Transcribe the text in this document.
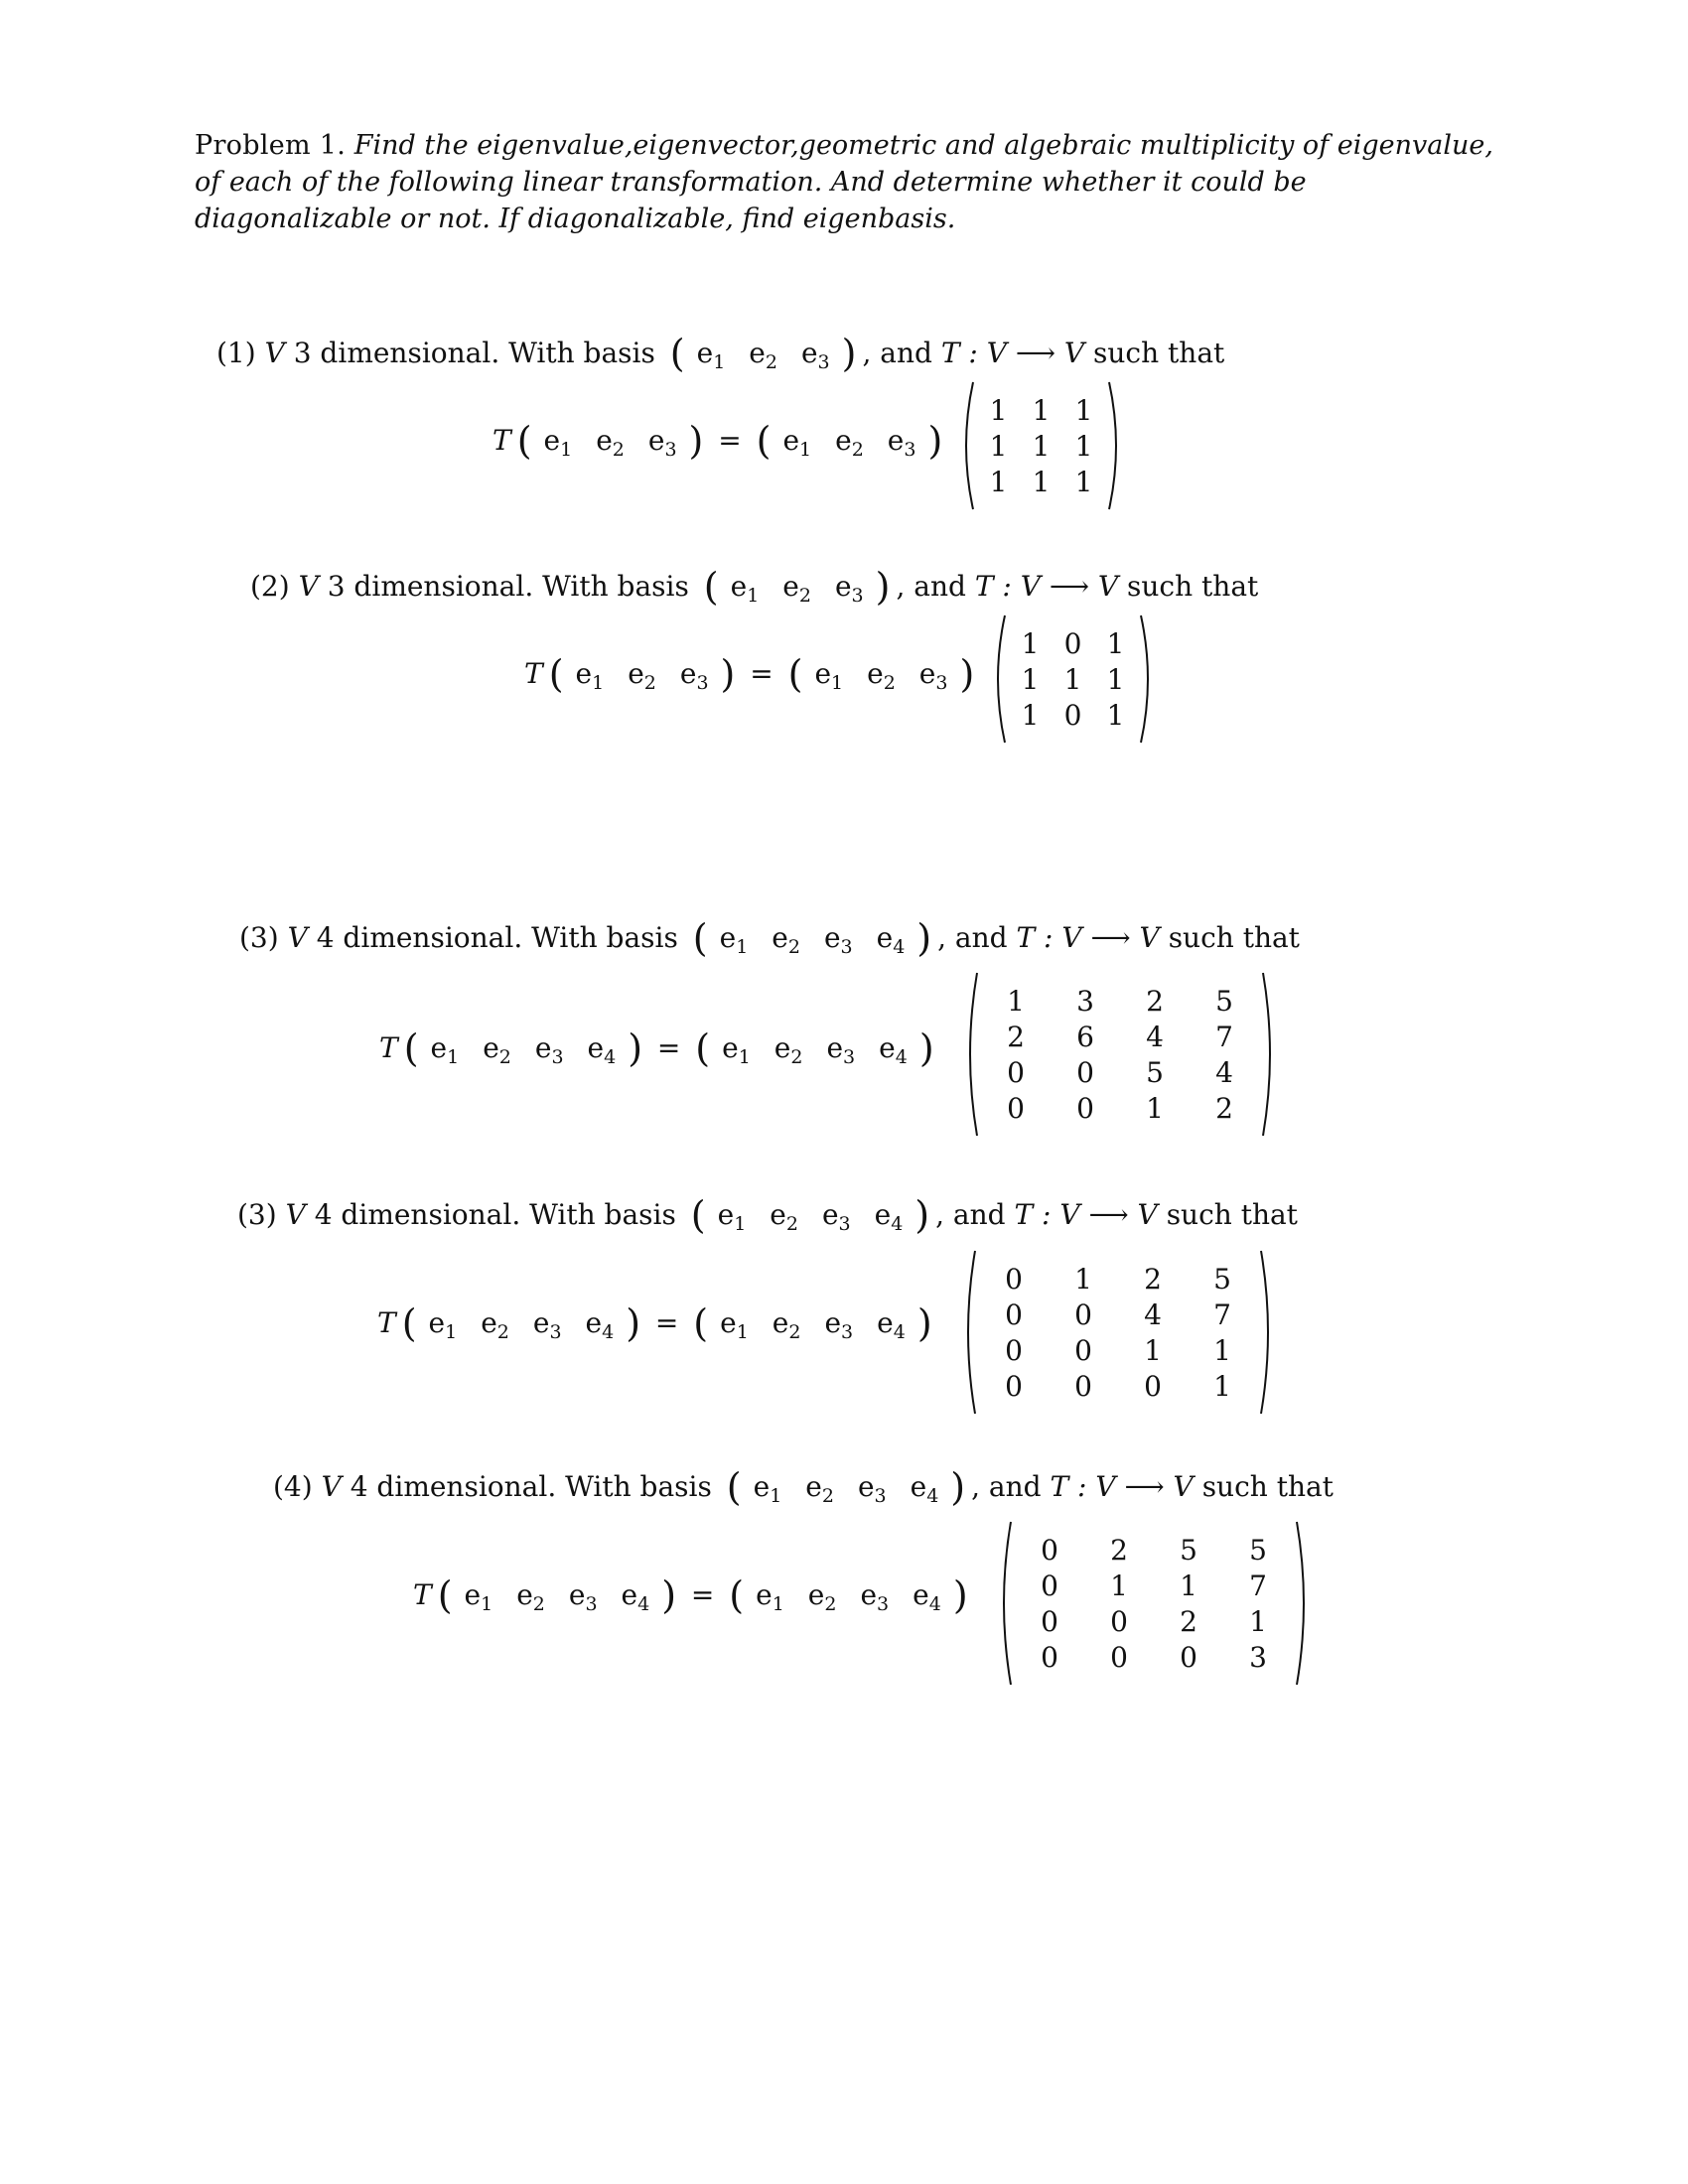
Problem 1. Find the eigenvalue,eigenvector,geometric and algebraic multiplicity of eigenvalue, of each of the following linear transformation. And determine whether it could be diagonalizable or not. If diagonalizable, find eigenbasis.
(1) V 3 dimensional. With basis ( $e_1$ $e_2$ $e_3$ ) , and T : V ⟶ V such that
T ( $e_1$ $e_2$ $e_3$ ) = ( $e_1$ $e_2$ $e_3$ )
1	1	1
1	1	1
1	1	1
(2) V 3 dimensional. With basis ( $e_1$ $e_2$ $e_3$ ) , and T : V ⟶ V such that
T ( $e_1$ $e_2$ $e_3$ ) = ( $e_1$ $e_2$ $e_3$ )
1	0	1
1	1	1
1	0	1
(3) V 4 dimensional. With basis ( $e_1$ $e_2$ $e_3$ $e_4$ ) , and T : V ⟶ V such that
T ( $e_1$ $e_2$ $e_3$ $e_4$ ) = ( $e_1$ $e_2$ $e_3$ $e_4$ )
1	3	2	5
2	6	4	7
0	0	5	4
0	0	1	2
(3) V 4 dimensional. With basis ( $e_1$ $e_2$ $e_3$ $e_4$ ) , and T : V ⟶ V such that
T ( $e_1$ $e_2$ $e_3$ $e_4$ ) = ( $e_1$ $e_2$ $e_3$ $e_4$ )
0	1	2	5
0	0	4	7
0	0	1	1
0	0	0	1
(4) V 4 dimensional. With basis ( $e_1$ $e_2$ $e_3$ $e_4$ ) , and T : V ⟶ V such that
T ( $e_1$ $e_2$ $e_3$ $e_4$ ) = ( $e_1$ $e_2$ $e_3$ $e_4$ )
0	2	5	5
0	1	1	7
0	0	2	1
0	0	0	3
